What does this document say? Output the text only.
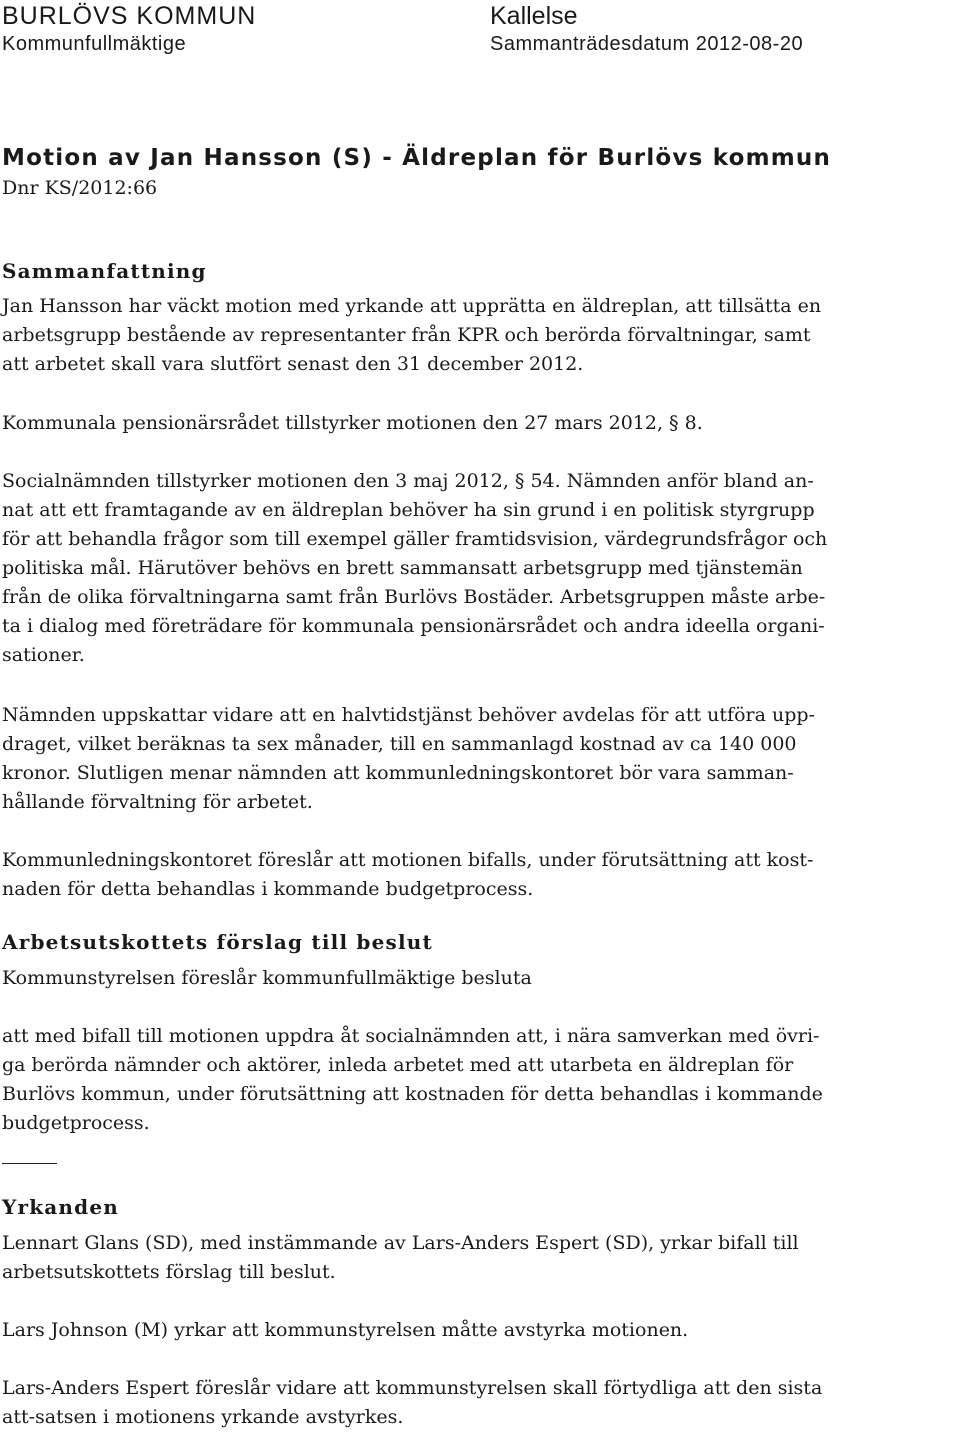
BURLÖVS KOMMUN
Kommunfullmäktige
Kallelse
Sammanträdesdatum 2012-08-20
Motion av Jan Hansson (S) - Äldreplan för Burlövs kommun
Dnr KS/2012:66
Sammanfattning

Jan Hansson har väckt motion med yrkande att upprätta en äldreplan, att tillsätta en

arbetsgrupp bestående av representanter från KPR och berörda förvaltningar, samt

att arbetet skall vara slutfört senast den 31 december 2012.

Kommunala pensionärsrådet tillstyrker motionen den 27 mars 2012, § 8.

Socialnämnden tillstyrker motionen den 3 maj 2012, § 54. Nämnden anför bland an-

nat att ett framtagande av en äldreplan behöver ha sin grund i en politisk styrgrupp

för att behandla frågor som till exempel gäller framtidsvision, värdegrundsfrågor och

politiska mål. Härutöver behövs en brett sammansatt arbetsgrupp med tjänstemän

från de olika förvaltningarna samt från Burlövs Bostäder. Arbetsgruppen måste arbe-

ta i dialog med företrädare för kommunala pensionärsrådet och andra ideella organi-

sationer.

Nämnden uppskattar vidare att en halvtidstjänst behöver avdelas för att utföra upp-

draget, vilket beräknas ta sex månader, till en sammanlagd kostnad av ca 140 000

kronor. Slutligen menar nämnden att kommunledningskontoret bör vara samman-

hållande förvaltning för arbetet.

Kommunledningskontoret föreslår att motionen bifalls, under förutsättning att kost-

naden för detta behandlas i kommande budgetprocess.

Arbetsutskottets förslag till beslut

Kommunstyrelsen föreslår kommunfullmäktige besluta

att med bifall till motionen uppdra åt socialnämnden att, i nära samverkan med övri-

ga berörda nämnder och aktörer, inleda arbetet med att utarbeta en äldreplan för

Burlövs kommun, under förutsättning att kostnaden för detta behandlas i kommande

budgetprocess.

Yrkanden

Lennart Glans (SD), med instämmande av Lars-Anders Espert (SD), yrkar bifall till

arbetsutskottets förslag till beslut.

Lars Johnson (M) yrkar att kommunstyrelsen måtte avstyrka motionen.

Lars-Anders Espert föreslår vidare att kommunstyrelsen skall förtydliga att den sista

att-satsen i motionens yrkande avstyrkes.
